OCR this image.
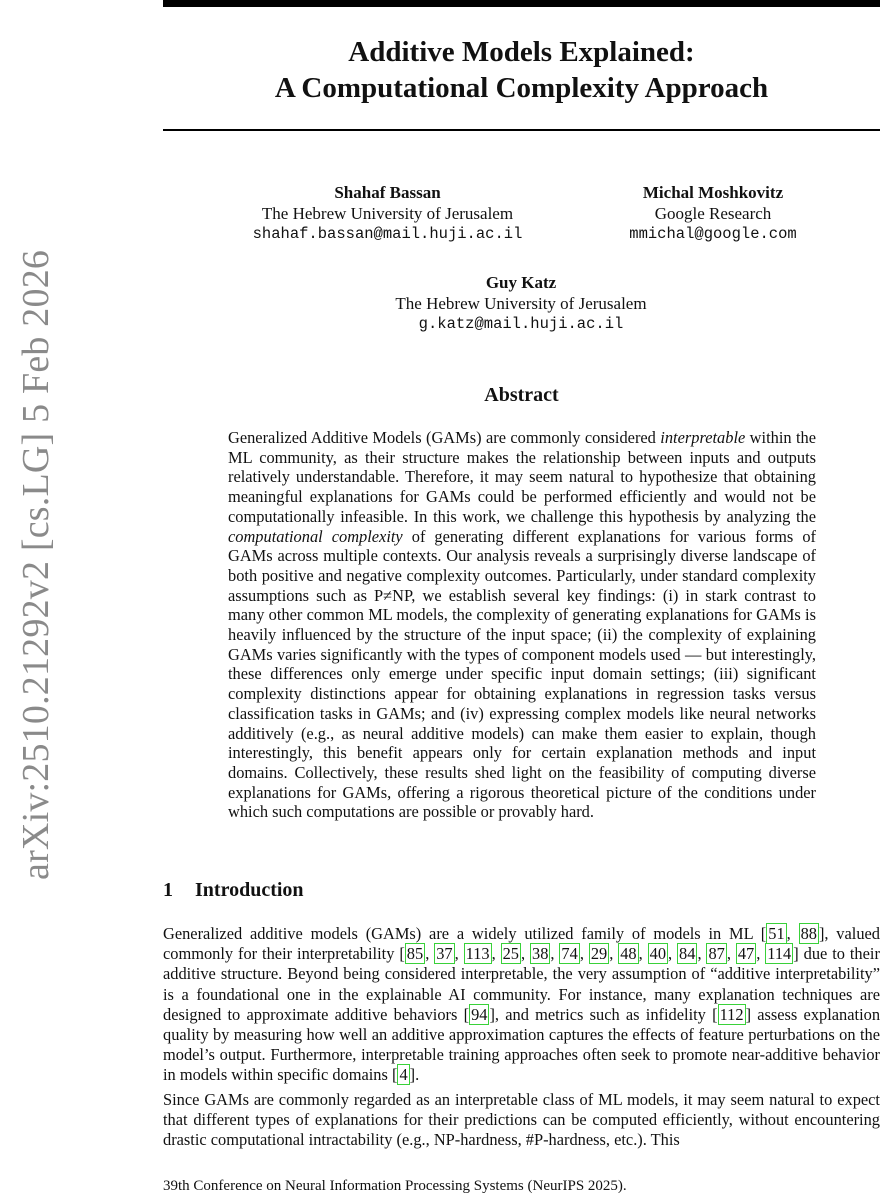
arXiv:2510.21292v2 [cs.LG] 5 Feb 2026
Additive Models Explained:
A Computational Complexity Approach
Shahaf Bassan
The Hebrew University of Jerusalem
shahaf.bassan@mail.huji.ac.il
Michal Moshkovitz
Google Research
mmichal@google.com
Guy Katz
The Hebrew University of Jerusalem
g.katz@mail.huji.ac.il
Abstract

Generalized Additive Models (GAMs) are commonly considered interpretable within the ML community, as their structure makes the relationship between inputs and outputs relatively understandable. Therefore, it may seem natural to hypothesize that obtaining meaningful explanations for GAMs could be performed efficiently and would not be computationally infeasible. In this work, we challenge this hypothesis by analyzing the computational complexity of generating different explanations for various forms of GAMs across multiple contexts. Our analysis reveals a surprisingly diverse landscape of both positive and negative complexity outcomes. Particularly, under standard complexity assumptions such as P≠NP, we establish several key findings: (i) in stark contrast to many other common ML models, the complexity of generating explanations for GAMs is heavily influenced by the structure of the input space; (ii) the complexity of explaining GAMs varies significantly with the types of component models used — but interestingly, these differences only emerge under specific input domain settings; (iii) significant complexity distinctions appear for obtaining explanations in regression tasks versus classification tasks in GAMs; and (iv) expressing complex models like neural networks additively (e.g., as neural additive models) can make them easier to explain, though interestingly, this benefit appears only for certain explanation methods and input domains. Collectively, these results shed light on the feasibility of computing diverse explanations for GAMs, offering a rigorous theoretical picture of the conditions under which such computations are possible or provably hard.

1 Introduction

Generalized additive models (GAMs) are a widely utilized family of models in ML [ 51 , 88 ], valued commonly for their interpretability [ 85 , 37 , 113 , 25 , 38 , 74 , 29 , 48 , 40 , 84 , 87 , 47 , 114 ] due to their additive structure. Beyond being considered interpretable, the very assumption of “additive interpretability” is a foundational one in the explainable AI community. For instance, many explanation techniques are designed to approximate additive behaviors [ 94 ], and metrics such as infidelity [ 112 ] assess explanation quality by measuring how well an additive approximation captures the effects of feature perturbations on the model’s output. Furthermore, interpretable training approaches often seek to promote near-additive behavior in models within specific domains [ 4 ].

Since GAMs are commonly regarded as an interpretable class of ML models, it may seem natural to expect that different types of explanations for their predictions can be computed efficiently, without encountering drastic computational intractability (e.g., NP-hardness, #P-hardness, etc.). This

39th Conference on Neural Information Processing Systems (NeurIPS 2025).
